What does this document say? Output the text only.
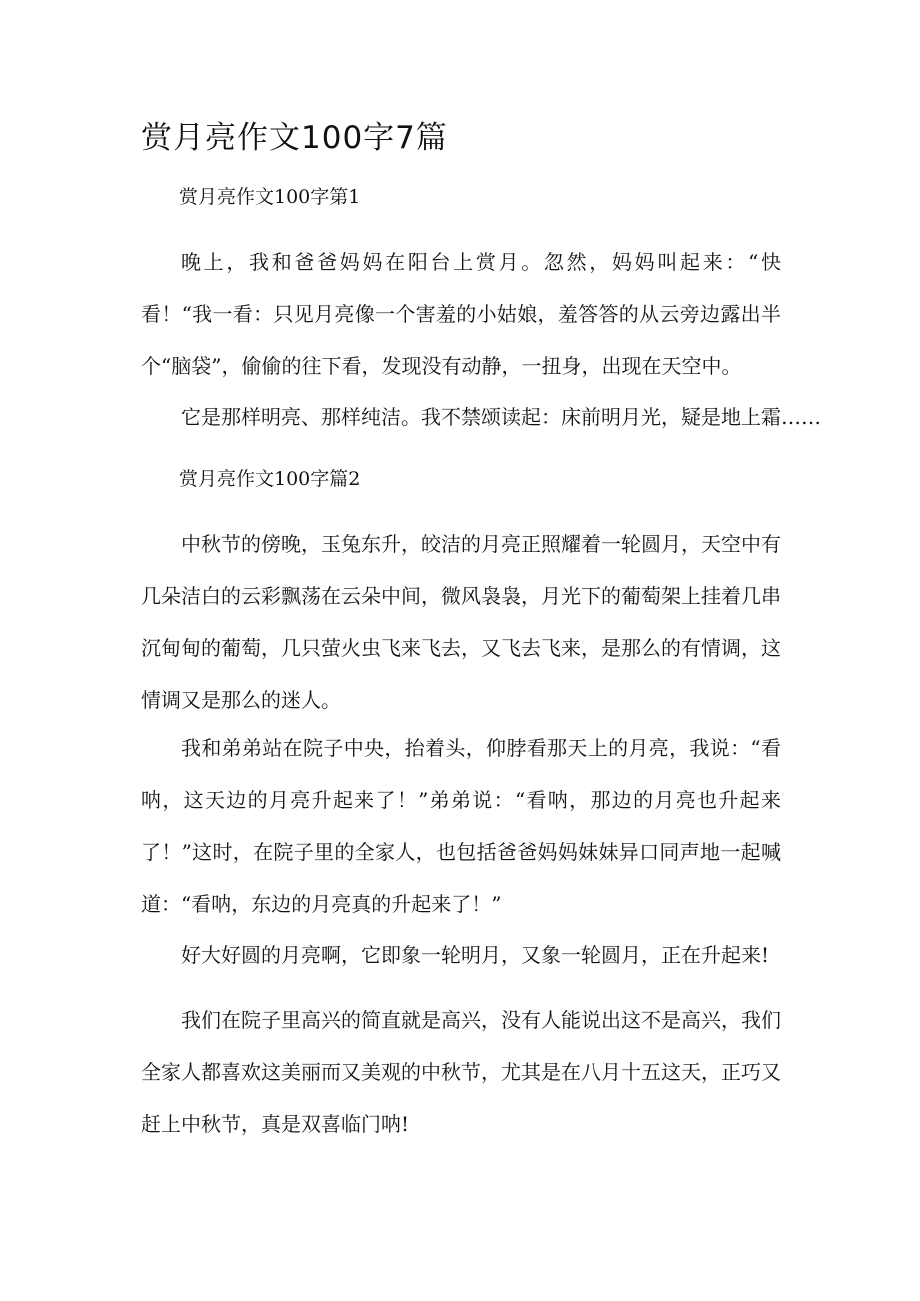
赏月亮作文100字7篇

赏月亮作文100字第1

晚上，我和爸爸妈妈在阳台上赏月。忽然，妈妈叫起来：“快看！“我一看：只见月亮像一个害羞的小姑娘，羞答答的从云旁边露出半个“脑袋”，偷偷的往下看，发现没有动静，一扭身，出现在天空中。

它是那样明亮、那样纯洁。我不禁颂读起：床前明月光，疑是地上霜……

赏月亮作文100字篇2

中秋节的傍晚，玉兔东升，皎洁的月亮正照耀着一轮圆月，天空中有几朵洁白的云彩飘荡在云朵中间，微风袅袅，月光下的葡萄架上挂着几串沉甸甸的葡萄，几只萤火虫飞来飞去，又飞去飞来，是那么的有情调，这情调又是那么的迷人。

我和弟弟站在院子中央，抬着头，仰脖看那天上的月亮，我说：“看呐，这天边的月亮升起来了！”弟弟说：“看呐，那边的月亮也升起来了！”这时，在院子里的全家人，也包括爸爸妈妈妹妹异口同声地一起喊道：“看呐，东边的月亮真的升起来了！”

好大好圆的月亮啊，它即象一轮明月，又象一轮圆月，正在升起来!

我们在院子里高兴的简直就是高兴，没有人能说出这不是高兴，我们全家人都喜欢这美丽而又美观的中秋节，尤其是在八月十五这天，正巧又赶上中秋节，真是双喜临门呐!
